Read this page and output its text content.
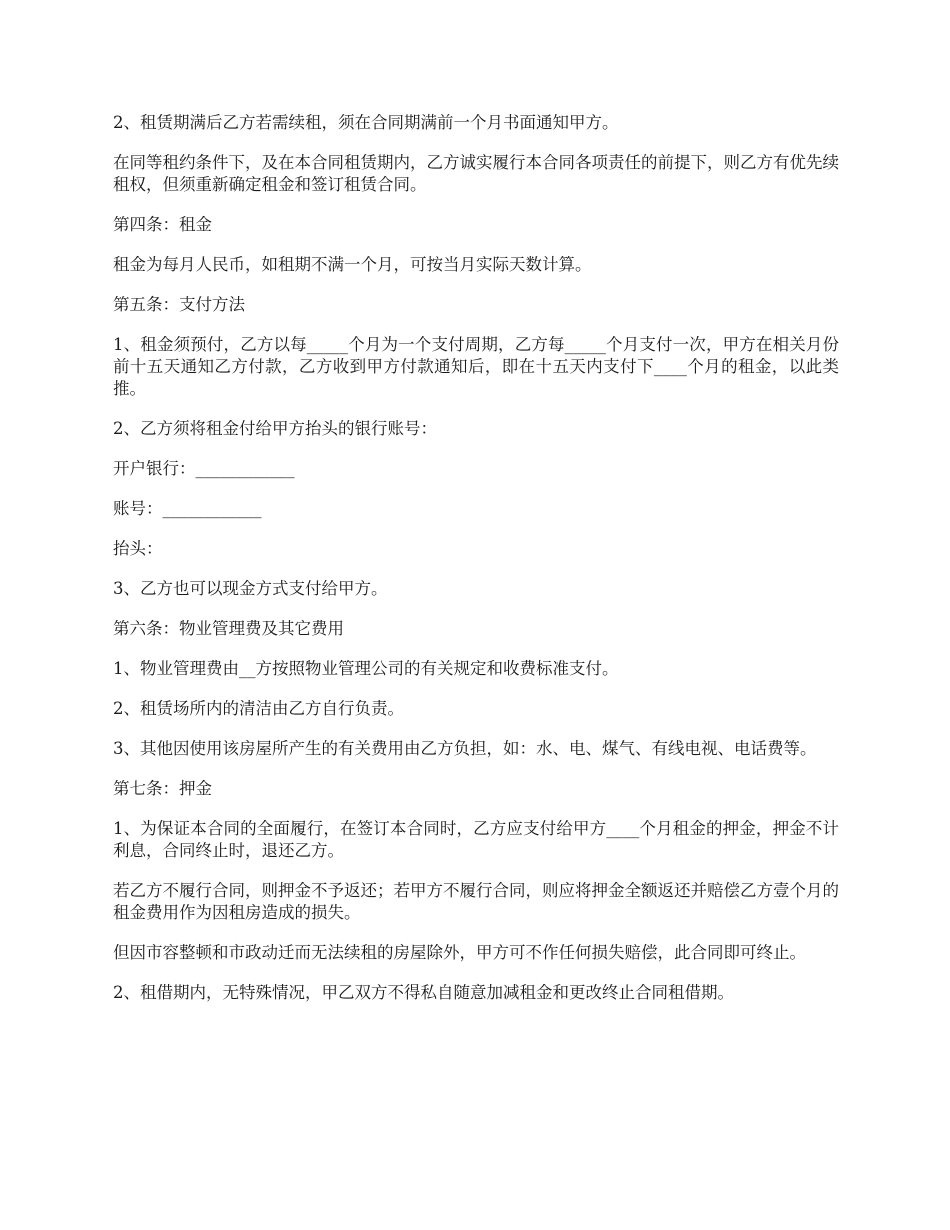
2、租赁期满后乙方若需续租，须在合同期满前一个月书面通知甲方。

在同等租约条件下，及在本合同租赁期内，乙方诚实履行本合同各项责任的前提下，则乙方有优先续租权，但须重新确定租金和签订租赁合同。

第四条：租金

租金为每月人民币，如租期不满一个月，可按当月实际天数计算。

第五条：支付方法

1、租金须预付，乙方以每_____个月为一个支付周期，乙方每_____个月支付一次，甲方在相关月份前十五天通知乙方付款，乙方收到甲方付款通知后，即在十五天内支付下____个月的租金，以此类推。

2、乙方须将租金付给甲方抬头的银行账号：

开户银行：____________

账号：____________

抬头：

3、乙方也可以现金方式支付给甲方。

第六条：物业管理费及其它费用

1、物业管理费由__方按照物业管理公司的有关规定和收费标准支付。

2、租赁场所内的清洁由乙方自行负责。

3、其他因使用该房屋所产生的有关费用由乙方负担，如：水、电、煤气、有线电视、电话费等。

第七条：押金

1、为保证本合同的全面履行，在签订本合同时，乙方应支付给甲方____个月租金的押金，押金不计利息，合同终止时，退还乙方。

若乙方不履行合同，则押金不予返还；若甲方不履行合同，则应将押金全额返还并赔偿乙方壹个月的租金费用作为因租房造成的损失。

但因市容整顿和市政动迁而无法续租的房屋除外，甲方可不作任何损失赔偿，此合同即可终止。

2、租借期内，无特殊情况，甲乙双方不得私自随意加减租金和更改终止合同租借期。
